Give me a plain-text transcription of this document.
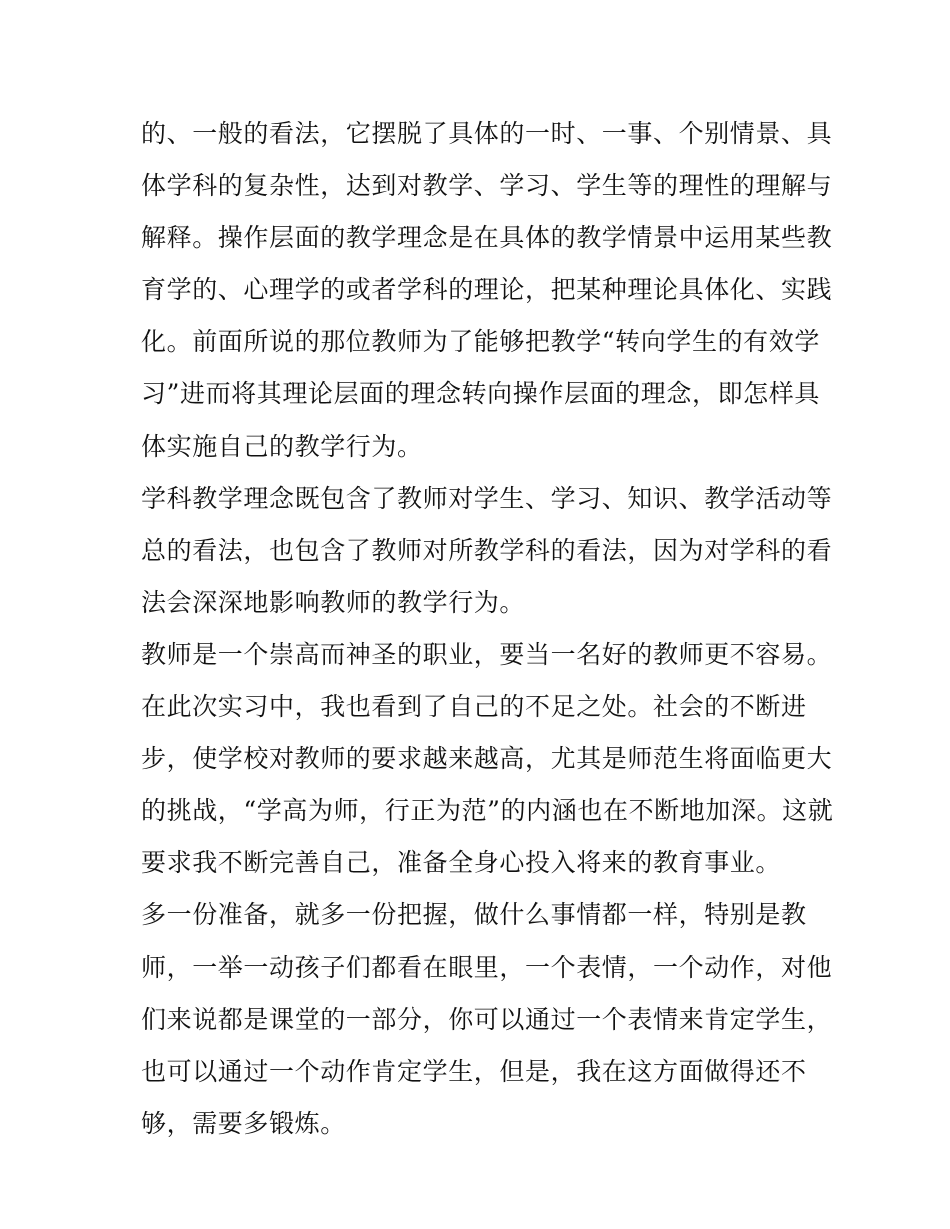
的、一般的看法，它摆脱了具体的一时、一事、个别情景、具
体学科的复杂性，达到对教学、学习、学生等的理性的理解与
解释。操作层面的教学理念是在具体的教学情景中运用某些教
育学的、心理学的或者学科的理论，把某种理论具体化、实践
化。前面所说的那位教师为了能够把教学“转向学生的有效学
习”进而将其理论层面的理念转向操作层面的理念，即怎样具
体实施自己的教学行为。
学科教学理念既包含了教师对学生、学习、知识、教学活动等
总的看法，也包含了教师对所教学科的看法，因为对学科的看
法会深深地影响教师的教学行为。
教师是一个崇高而神圣的职业，要当一名好的教师更不容易。
在此次实习中，我也看到了自己的不足之处。社会的不断进
步，使学校对教师的要求越来越高，尤其是师范生将面临更大
的挑战，“学高为师，行正为范”的内涵也在不断地加深。这就
要求我不断完善自己，准备全身心投入将来的教育事业。
多一份准备，就多一份把握，做什么事情都一样，特别是教
师，一举一动孩子们都看在眼里，一个表情，一个动作，对他
们来说都是课堂的一部分，你可以通过一个表情来肯定学生，
也可以通过一个动作肯定学生，但是，我在这方面做得还不
够，需要多锻炼。
